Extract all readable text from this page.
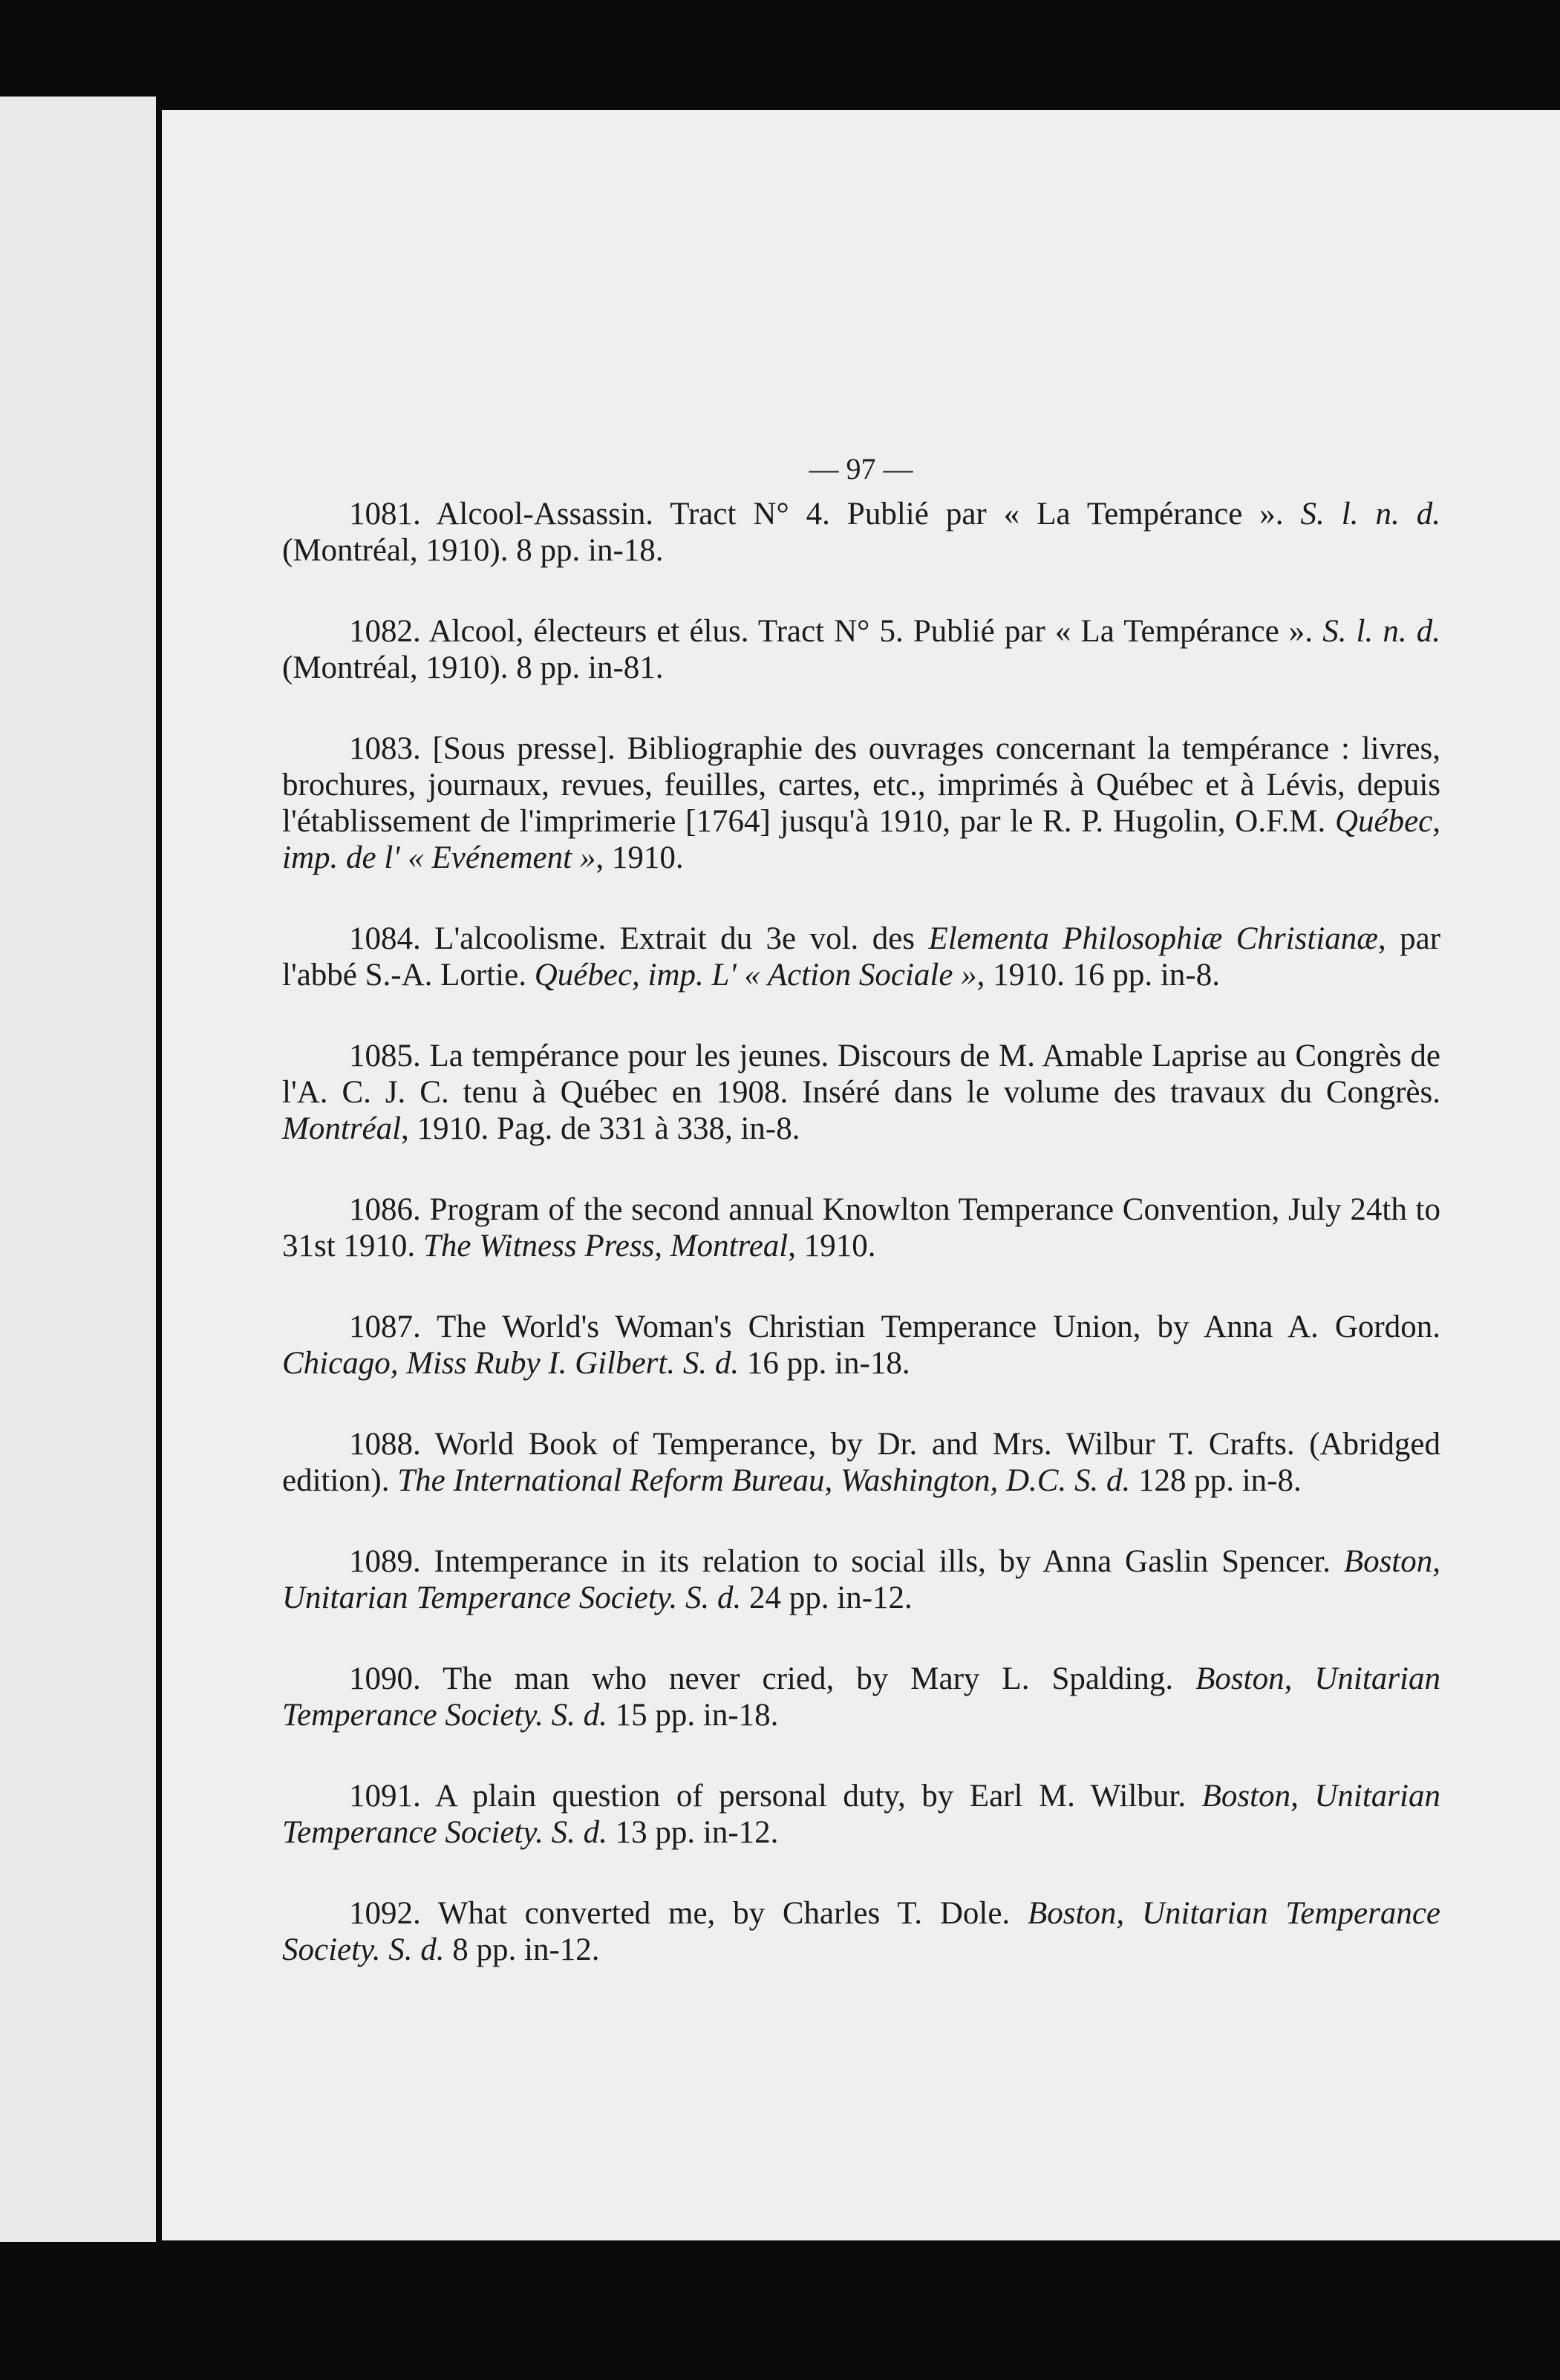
— 97 —
1081. Alcool-Assassin. Tract N° 4. Publié par « La Tempérance ». S. l. n. d. (Montréal, 1910). 8 pp. in-18.
1082. Alcool, électeurs et élus. Tract N° 5. Publié par « La Tempérance ». S. l. n. d. (Montréal, 1910). 8 pp. in-81.
1083. [Sous presse]. Bibliographie des ouvrages concernant la tempérance : livres, brochures, journaux, revues, feuilles, cartes, etc., imprimés à Québec et à Lévis, depuis l'établissement de l'imprimerie [1764] jusqu'à 1910, par le R. P. Hugolin, O.F.M. Québec, imp. de l' « Evénement », 1910.
1084. L'alcoolisme. Extrait du 3e vol. des Elementa Philosophiæ Christianæ, par l'abbé S.-A. Lortie. Québec, imp. L' « Action Sociale », 1910. 16 pp. in-8.
1085. La tempérance pour les jeunes. Discours de M. Amable Laprise au Congrès de l'A. C. J. C. tenu à Québec en 1908. Inséré dans le volume des travaux du Congrès. Montréal, 1910. Pag. de 331 à 338, in-8.
1086. Program of the second annual Knowlton Temperance Convention, July 24th to 31st 1910. The Witness Press, Montreal, 1910.
1087. The World's Woman's Christian Temperance Union, by Anna A. Gordon. Chicago, Miss Ruby I. Gilbert. S. d. 16 pp. in-18.
1088. World Book of Temperance, by Dr. and Mrs. Wilbur T. Crafts. (Abridged edition). The International Reform Bureau, Washington, D.C. S. d. 128 pp. in-8.
1089. Intemperance in its relation to social ills, by Anna Gaslin Spencer. Boston, Unitarian Temperance Society. S. d. 24 pp. in-12.
1090. The man who never cried, by Mary L. Spalding. Boston, Unitarian Temperance Society. S. d. 15 pp. in-18.
1091. A plain question of personal duty, by Earl M. Wilbur. Boston, Unitarian Temperance Society. S. d. 13 pp. in-12.
1092. What converted me, by Charles T. Dole. Boston, Unitarian Temperance Society. S. d. 8 pp. in-12.
